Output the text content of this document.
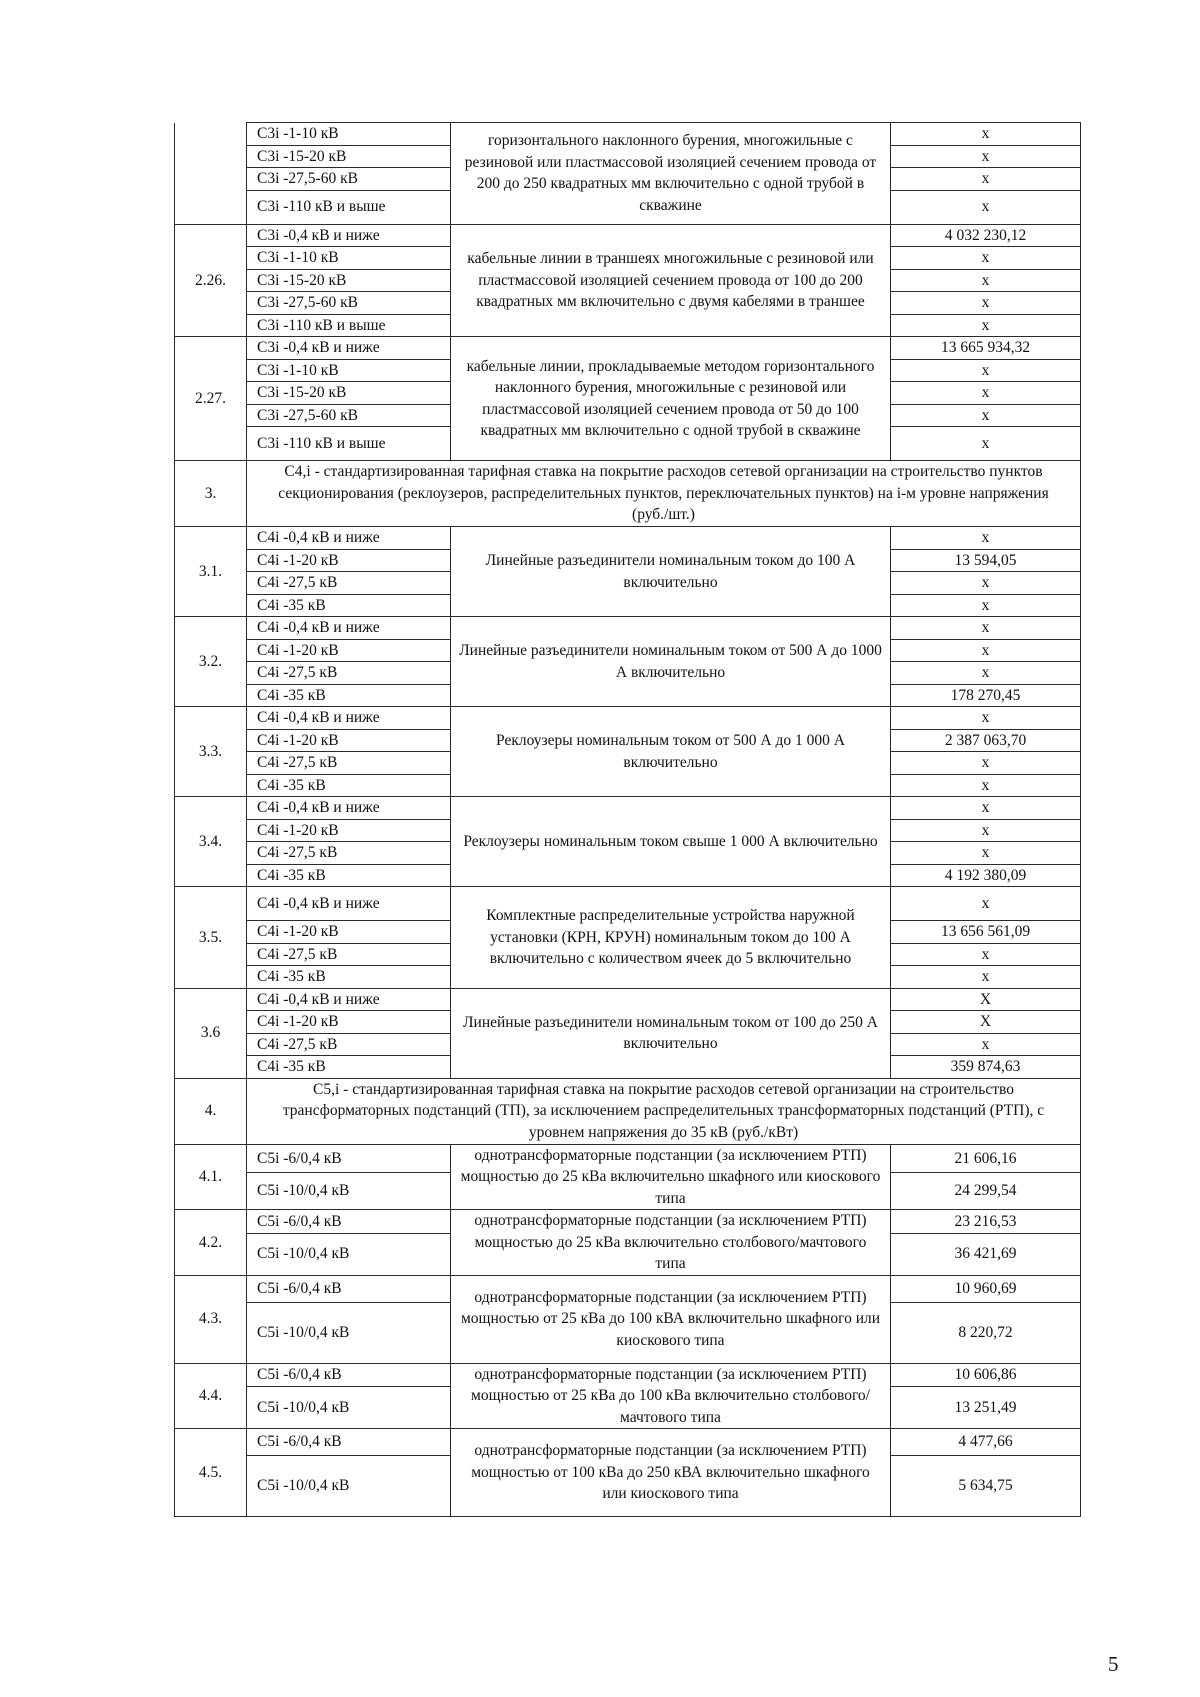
	С3i -1-10 кВ	горизонтального наклонного бурения, многожильные с резиновой или пластмассовой изоляцией сечением провода от 200 до 250 квадратных мм включительно с одной трубой в скважине	х
	С3i -15-20 кВ		х
	С3i -27,5-60 кВ		х
	С3i -110 кВ и выше		х
2.26.	С3i -0,4 кВ и ниже	кабельные линии в траншеях многожильные с резиновой или пластмассовой изоляцией сечением провода от 100 до 200 квадратных мм включительно с двумя кабелями в траншее	4 032 230,12
	С3i -1-10 кВ		х
	С3i -15-20 кВ		х
	С3i -27,5-60 кВ		х
	С3i -110 кВ и выше		х
2.27.	С3i -0,4 кВ и ниже	кабельные линии, прокладываемые методом горизонтального наклонного бурения, многожильные с резиновой или пластмассовой изоляцией сечением провода от 50 до 100 квадратных мм включительно с одной трубой в скважине	13 665 934,32
	С3i -1-10 кВ		х
	С3i -15-20 кВ		х
	С3i -27,5-60 кВ		х
	С3i -110 кВ и выше		х
3.	С4,i - стандартизированная тарифная ставка на покрытие расходов сетевой организации на строительство пунктов секционирования (реклоузеров, распределительных пунктов, переключательных пунктов) на i-м уровне напряжения (руб./шт.)		
3.1.	С4i -0,4 кВ и ниже	Линейные разъединители номинальным током до 100 А включительно	х
	С4i -1-20 кВ		13 594,05
	С4i -27,5 кВ		х
	С4i -35 кВ		х
3.2.	С4i -0,4 кВ и ниже	Линейные разъединители номинальным током от 500 А до 1000 А включительно	х
	С4i -1-20 кВ		х
	С4i -27,5 кВ		х
	С4i -35 кВ		178 270,45
3.3.	С4i -0,4 кВ и ниже	Реклоузеры номинальным током от 500 А до 1 000 А включительно	х
	С4i -1-20 кВ		2 387 063,70
	С4i -27,5 кВ		х
	С4i -35 кВ		х
3.4.	С4i -0,4 кВ и ниже	Реклоузеры номинальным током свыше 1 000 А включительно	х
	С4i -1-20 кВ		х
	С4i -27,5 кВ		х
	С4i -35 кВ		4 192 380,09
3.5.	С4i -0,4 кВ и ниже	Комплектные распределительные устройства наружной установки (КРН, КРУН) номинальным током до 100 А включительно с количеством ячеек до 5 включительно	х
	С4i -1-20 кВ		13 656 561,09
	С4i -27,5 кВ		х
	С4i -35 кВ		х
3.6	С4i -0,4 кВ и ниже	Линейные разъединители номинальным током от 100 до 250 А включительно	Х
	С4i -1-20 кВ		Х
	С4i -27,5 кВ		х
	С4i -35 кВ		359 874,63
4.	С5,i - стандартизированная тарифная ставка на покрытие расходов сетевой организации на строительство трансформаторных подстанций (ТП), за исключением распределительных трансформаторных подстанций (РТП), с уровнем напряжения до 35 кВ (руб./кВт)		
4.1.	С5i -6/0,4 кВ	однотрансформаторные подстанции (за исключением РТП) мощностью до 25 кВа включительно шкафного или киоскового типа	21 606,16
	С5i -10/0,4 кВ		24 299,54
4.2.	С5i -6/0,4 кВ	однотрансформаторные подстанции (за исключением РТП) мощностью до 25 кВа включительно столбового/мачтового типа	23 216,53
	С5i -10/0,4 кВ		36 421,69
4.3.	С5i -6/0,4 кВ	однотрансформаторные подстанции (за исключением РТП) мощностью от 25 кВа до 100 кВА включительно шкафного или киоскового типа	10 960,69
	С5i -10/0,4 кВ		8 220,72
4.4.	С5i -6/0,4 кВ	однотрансформаторные подстанции (за исключением РТП) мощностью от 25 кВа до 100 кВа включительно столбового/мачтового типа	10 606,86
	С5i -10/0,4 кВ		13 251,49
4.5.	С5i -6/0,4 кВ	однотрансформаторные подстанции (за исключением РТП) мощностью от 100 кВа до 250 кВА включительно шкафного или киоскового типа	4 477,66
	С5i -10/0,4 кВ		5 634,75
5
